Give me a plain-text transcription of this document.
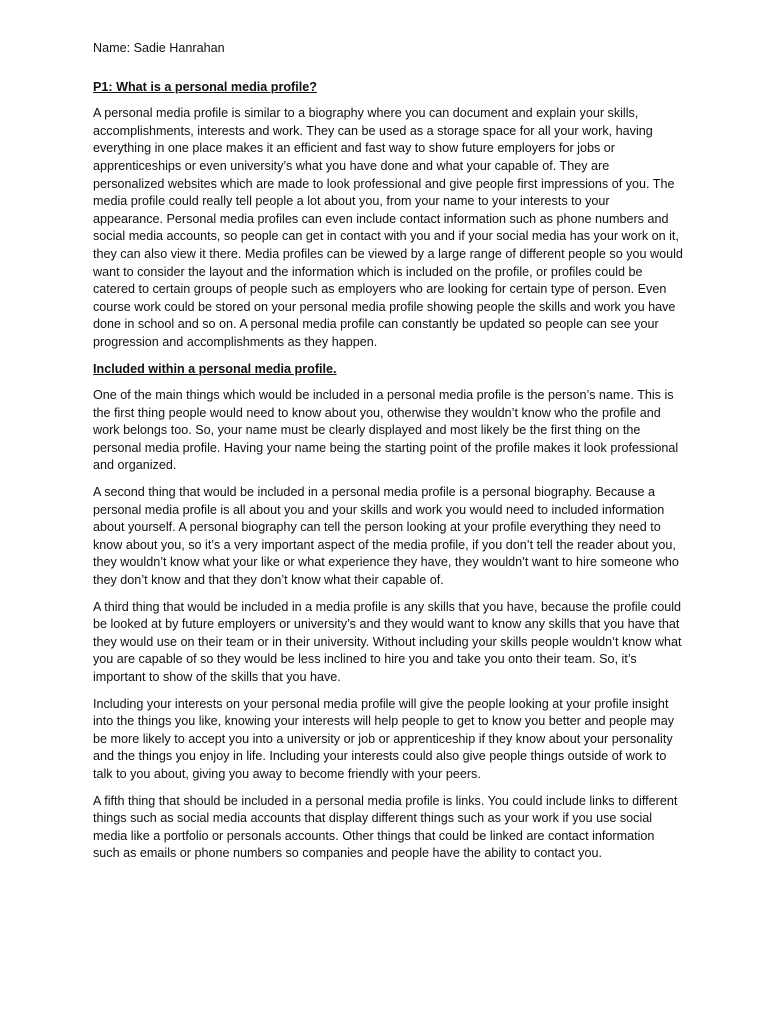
Name: Sadie Hanrahan

P1: What is a personal media profile?

A personal media profile is similar to a biography where you can document and explain your skills, accomplishments, interests and work. They can be used as a storage space for all your work, having everything in one place makes it an efficient and fast way to show future employers for jobs or apprenticeships or even university’s what you have done and what your capable of. They are personalized websites which are made to look professional and give people first impressions of you. The media profile could really tell people a lot about you, from your name to your interests to your appearance. Personal media profiles can even include contact information such as phone numbers and social media accounts, so people can get in contact with you and if your social media has your work on it, they can also view it there. Media profiles can be viewed by a large range of different people so you would want to consider the layout and the information which is included on the profile, or profiles could be catered to certain groups of people such as employers who are looking for certain type of person. Even course work could be stored on your personal media profile showing people the skills and work you have done in school and so on. A personal media profile can constantly be updated so people can see your progression and accomplishments as they happen.

Included within a personal media profile.

One of the main things which would be included in a personal media profile is the person’s name. This is the first thing people would need to know about you, otherwise they wouldn’t know who the profile and work belongs too. So, your name must be clearly displayed and most likely be the first thing on the personal media profile. Having your name being the starting point of the profile makes it look professional and organized.

A second thing that would be included in a personal media profile is a personal biography. Because a personal media profile is all about you and your skills and work you would need to included information about yourself. A personal biography can tell the person looking at your profile everything they need to know about you, so it’s a very important aspect of the media profile, if you don’t tell the reader about you, they wouldn’t know what your like or what experience they have, they wouldn’t want to hire someone who they don’t know and that they don’t know what their capable of.

A third thing that would be included in a media profile is any skills that you have, because the profile could be looked at by future employers or university’s and they would want to know any skills that you have that they would use on their team or in their university. Without including your skills people wouldn’t know what you are capable of so they would be less inclined to hire you and take you onto their team. So, it’s important to show of the skills that you have.

Including your interests on your personal media profile will give the people looking at your profile insight into the things you like, knowing your interests will help people to get to know you better and people may be more likely to accept you into a university or job or apprenticeship if they know about your personality and the things you enjoy in life. Including your interests could also give people things outside of work to talk to you about, giving you away to become friendly with your peers.

A fifth thing that should be included in a personal media profile is links. You could include links to different things such as social media accounts that display different things such as your work if you use social media like a portfolio or personals accounts. Other things that could be linked are contact information such as emails or phone numbers so companies and people have the ability to contact you.
